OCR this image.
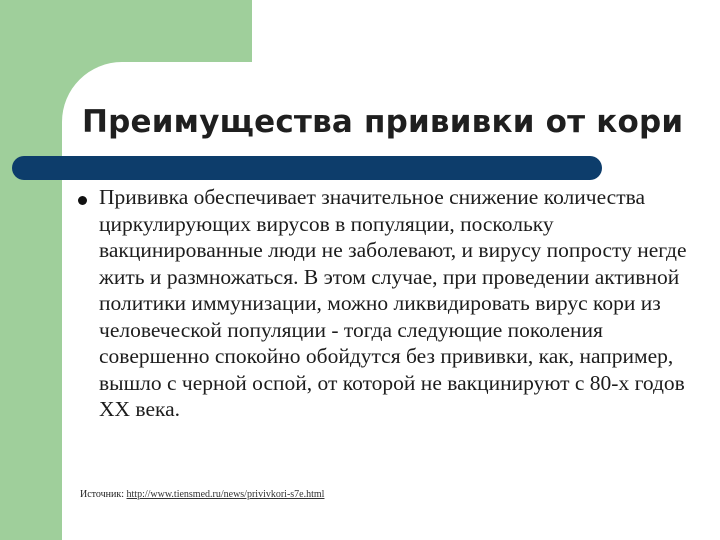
Преимущества прививки от кори

Прививка обеспечивает значительное снижение количества циркулирующих вирусов в популяции, поскольку вакцинированные люди не заболевают, и вирусу попросту негде жить и размножаться. В этом случае, при проведении активной политики иммунизации, можно ликвидировать вирус кори из человеческой популяции - тогда следующие поколения совершенно спокойно обойдутся без прививки, как, например, вышло с черной оспой, от которой не вакцинируют с 80-х годов XX века.

Источник: http://www.tiensmed.ru/news/privivkori-s7e.html
